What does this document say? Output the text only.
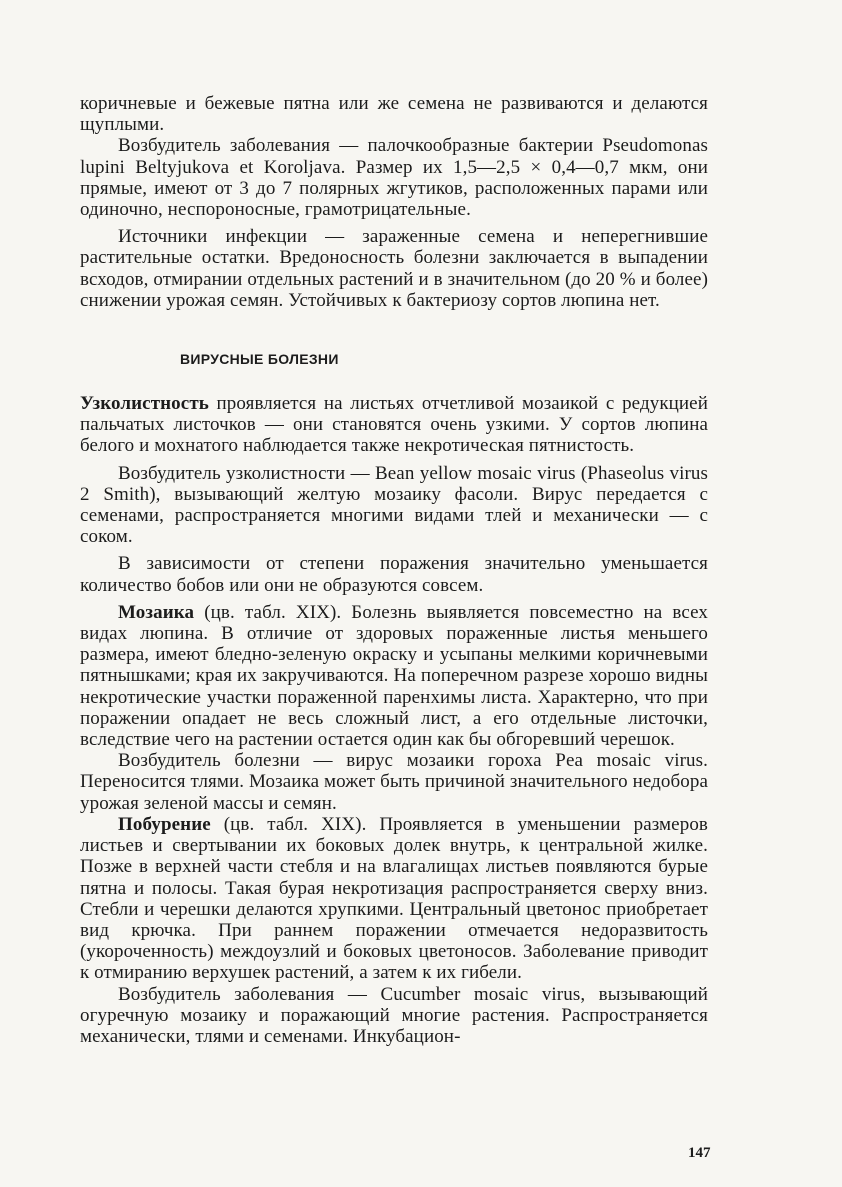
коричневые и бежевые пятна или же семена не развиваются и делаются щуплыми.

Возбудитель заболевания — палочкообразные бактерии Pseudomonas lupini Beltyjukova et Koroljava. Размер их 1,5—2,5 × 0,4—0,7 мкм, они прямые, имеют от 3 до 7 полярных жгутиков, расположенных парами или одиночно, неспороносные, грамотрицательные.

Источники инфекции — зараженные семена и неперегнившие растительные остатки. Вредоносность болезни заключается в выпадении всходов, отмирании отдельных растений и в значительном (до 20 % и более) снижении урожая семян. Устойчивых к бактериозу сортов люпина нет.

ВИРУСНЫЕ БОЛЕЗНИ

Узколистность проявляется на листьях отчетливой мозаикой с редукцией пальчатых листочков — они становятся очень узкими. У сортов люпина белого и мохнатого наблюдается также некротическая пятнистость.

Возбудитель узколистности — Bean yellow mosaic virus (Phaseolus virus 2 Smith), вызывающий желтую мозаику фасоли. Вирус передается с семенами, распространяется многими видами тлей и механически — с соком.

В зависимости от степени поражения значительно уменьшается количество бобов или они не образуются совсем.

Мозаика (цв. табл. XIX). Болезнь выявляется повсеместно на всех видах люпина. В отличие от здоровых пораженные листья меньшего размера, имеют бледно-зеленую окраску и усыпаны мелкими коричневыми пятнышками; края их закручиваются. На поперечном разрезе хорошо видны некротические участки пораженной паренхимы листа. Характерно, что при поражении опадает не весь сложный лист, а его отдельные листочки, вследствие чего на растении остается один как бы обгоревший черешок.

Возбудитель болезни — вирус мозаики гороха Pea mosaic virus. Переносится тлями. Мозаика может быть причиной значительного недобора урожая зеленой массы и семян.

Побурение (цв. табл. XIX). Проявляется в уменьшении размеров листьев и свертывании их боковых долек внутрь, к центральной жилке. Позже в верхней части стебля и на влагалищах листьев появляются бурые пятна и полосы. Такая бурая некротизация распространяется сверху вниз. Стебли и черешки делаются хрупкими. Центральный цветонос приобретает вид крючка. При раннем поражении отмечается недоразвитость (укороченность) междоузлий и боковых цветоносов. Заболевание приводит к отмиранию верхушек растений, а затем к их гибели.

Возбудитель заболевания — Cucumber mosaic virus, вызывающий огуречную мозаику и поражающий многие растения. Распространяется механически, тлями и семенами. Инкубацион-

147
